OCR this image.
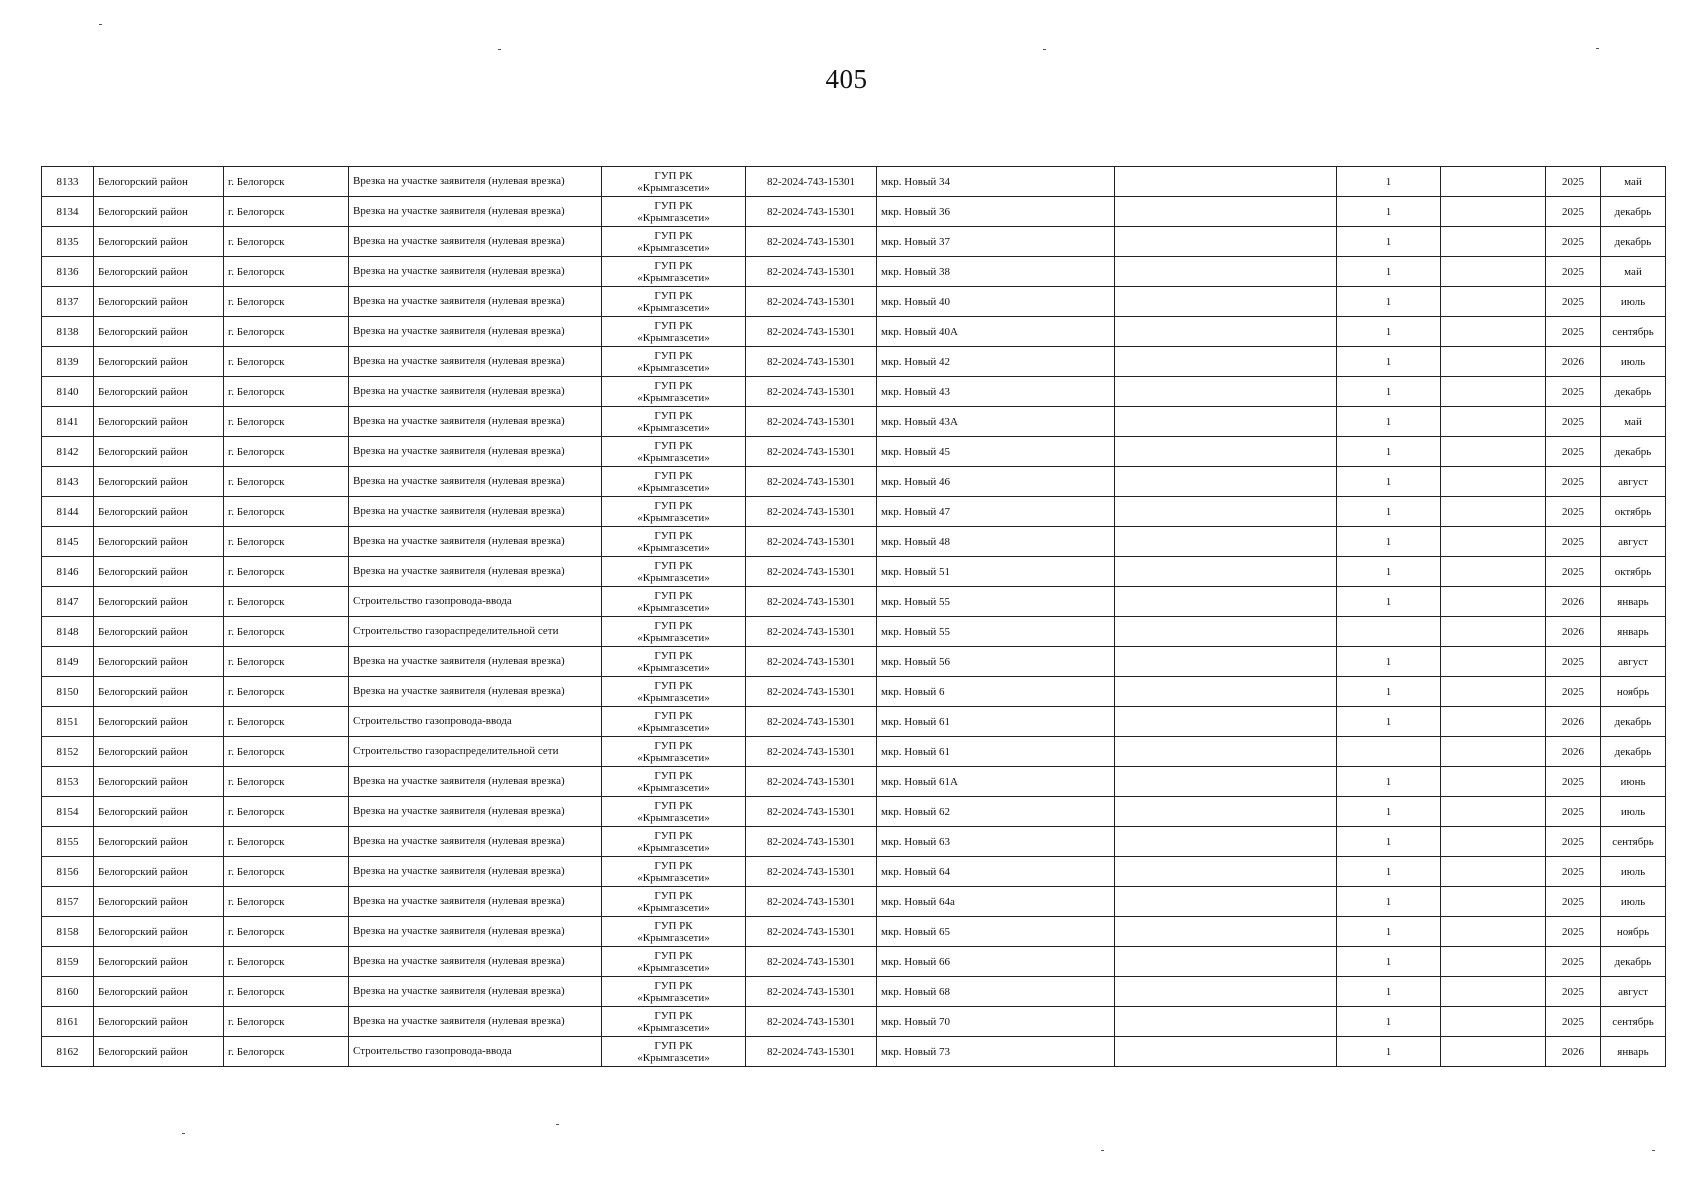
405
8133	Белогорский район	г. Белогорск	Врезка на участке заявителя (нулевая врезка)	ГУП РК
«Крымгазсети»	82-2024-743-15301	мкр. Новый 34		1		2025	май
8134	Белогорский район	г. Белогорск	Врезка на участке заявителя (нулевая врезка)	ГУП РК
«Крымгазсети»	82-2024-743-15301	мкр. Новый 36		1		2025	декабрь
8135	Белогорский район	г. Белогорск	Врезка на участке заявителя (нулевая врезка)	ГУП РК
«Крымгазсети»	82-2024-743-15301	мкр. Новый 37		1		2025	декабрь
8136	Белогорский район	г. Белогорск	Врезка на участке заявителя (нулевая врезка)	ГУП РК
«Крымгазсети»	82-2024-743-15301	мкр. Новый 38		1		2025	май
8137	Белогорский район	г. Белогорск	Врезка на участке заявителя (нулевая врезка)	ГУП РК
«Крымгазсети»	82-2024-743-15301	мкр. Новый 40		1		2025	июль
8138	Белогорский район	г. Белогорск	Врезка на участке заявителя (нулевая врезка)	ГУП РК
«Крымгазсети»	82-2024-743-15301	мкр. Новый 40А		1		2025	сентябрь
8139	Белогорский район	г. Белогорск	Врезка на участке заявителя (нулевая врезка)	ГУП РК
«Крымгазсети»	82-2024-743-15301	мкр. Новый 42		1		2026	июль
8140	Белогорский район	г. Белогорск	Врезка на участке заявителя (нулевая врезка)	ГУП РК
«Крымгазсети»	82-2024-743-15301	мкр. Новый 43		1		2025	декабрь
8141	Белогорский район	г. Белогорск	Врезка на участке заявителя (нулевая врезка)	ГУП РК
«Крымгазсети»	82-2024-743-15301	мкр. Новый 43А		1		2025	май
8142	Белогорский район	г. Белогорск	Врезка на участке заявителя (нулевая врезка)	ГУП РК
«Крымгазсети»	82-2024-743-15301	мкр. Новый 45		1		2025	декабрь
8143	Белогорский район	г. Белогорск	Врезка на участке заявителя (нулевая врезка)	ГУП РК
«Крымгазсети»	82-2024-743-15301	мкр. Новый 46		1		2025	август
8144	Белогорский район	г. Белогорск	Врезка на участке заявителя (нулевая врезка)	ГУП РК
«Крымгазсети»	82-2024-743-15301	мкр. Новый 47		1		2025	октябрь
8145	Белогорский район	г. Белогорск	Врезка на участке заявителя (нулевая врезка)	ГУП РК
«Крымгазсети»	82-2024-743-15301	мкр. Новый 48		1		2025	август
8146	Белогорский район	г. Белогорск	Врезка на участке заявителя (нулевая врезка)	ГУП РК
«Крымгазсети»	82-2024-743-15301	мкр. Новый 51		1		2025	октябрь
8147	Белогорский район	г. Белогорск	Строительство газопровода-ввода	ГУП РК
«Крымгазсети»	82-2024-743-15301	мкр. Новый 55		1		2026	январь
8148	Белогорский район	г. Белогорск	Строительство газораспределительной сети	ГУП РК
«Крымгазсети»	82-2024-743-15301	мкр. Новый 55				2026	январь
8149	Белогорский район	г. Белогорск	Врезка на участке заявителя (нулевая врезка)	ГУП РК
«Крымгазсети»	82-2024-743-15301	мкр. Новый 56		1		2025	август
8150	Белогорский район	г. Белогорск	Врезка на участке заявителя (нулевая врезка)	ГУП РК
«Крымгазсети»	82-2024-743-15301	мкр. Новый 6		1		2025	ноябрь
8151	Белогорский район	г. Белогорск	Строительство газопровода-ввода	ГУП РК
«Крымгазсети»	82-2024-743-15301	мкр. Новый 61		1		2026	декабрь
8152	Белогорский район	г. Белогорск	Строительство газораспределительной сети	ГУП РК
«Крымгазсети»	82-2024-743-15301	мкр. Новый 61				2026	декабрь
8153	Белогорский район	г. Белогорск	Врезка на участке заявителя (нулевая врезка)	ГУП РК
«Крымгазсети»	82-2024-743-15301	мкр. Новый 61А		1		2025	июнь
8154	Белогорский район	г. Белогорск	Врезка на участке заявителя (нулевая врезка)	ГУП РК
«Крымгазсети»	82-2024-743-15301	мкр. Новый 62		1		2025	июль
8155	Белогорский район	г. Белогорск	Врезка на участке заявителя (нулевая врезка)	ГУП РК
«Крымгазсети»	82-2024-743-15301	мкр. Новый 63		1		2025	сентябрь
8156	Белогорский район	г. Белогорск	Врезка на участке заявителя (нулевая врезка)	ГУП РК
«Крымгазсети»	82-2024-743-15301	мкр. Новый 64		1		2025	июль
8157	Белогорский район	г. Белогорск	Врезка на участке заявителя (нулевая врезка)	ГУП РК
«Крымгазсети»	82-2024-743-15301	мкр. Новый 64а		1		2025	июль
8158	Белогорский район	г. Белогорск	Врезка на участке заявителя (нулевая врезка)	ГУП РК
«Крымгазсети»	82-2024-743-15301	мкр. Новый 65		1		2025	ноябрь
8159	Белогорский район	г. Белогорск	Врезка на участке заявителя (нулевая врезка)	ГУП РК
«Крымгазсети»	82-2024-743-15301	мкр. Новый 66		1		2025	декабрь
8160	Белогорский район	г. Белогорск	Врезка на участке заявителя (нулевая врезка)	ГУП РК
«Крымгазсети»	82-2024-743-15301	мкр. Новый 68		1		2025	август
8161	Белогорский район	г. Белогорск	Врезка на участке заявителя (нулевая врезка)	ГУП РК
«Крымгазсети»	82-2024-743-15301	мкр. Новый 70		1		2025	сентябрь
8162	Белогорский район	г. Белогорск	Строительство газопровода-ввода	ГУП РК
«Крымгазсети»	82-2024-743-15301	мкр. Новый 73		1		2026	январь
